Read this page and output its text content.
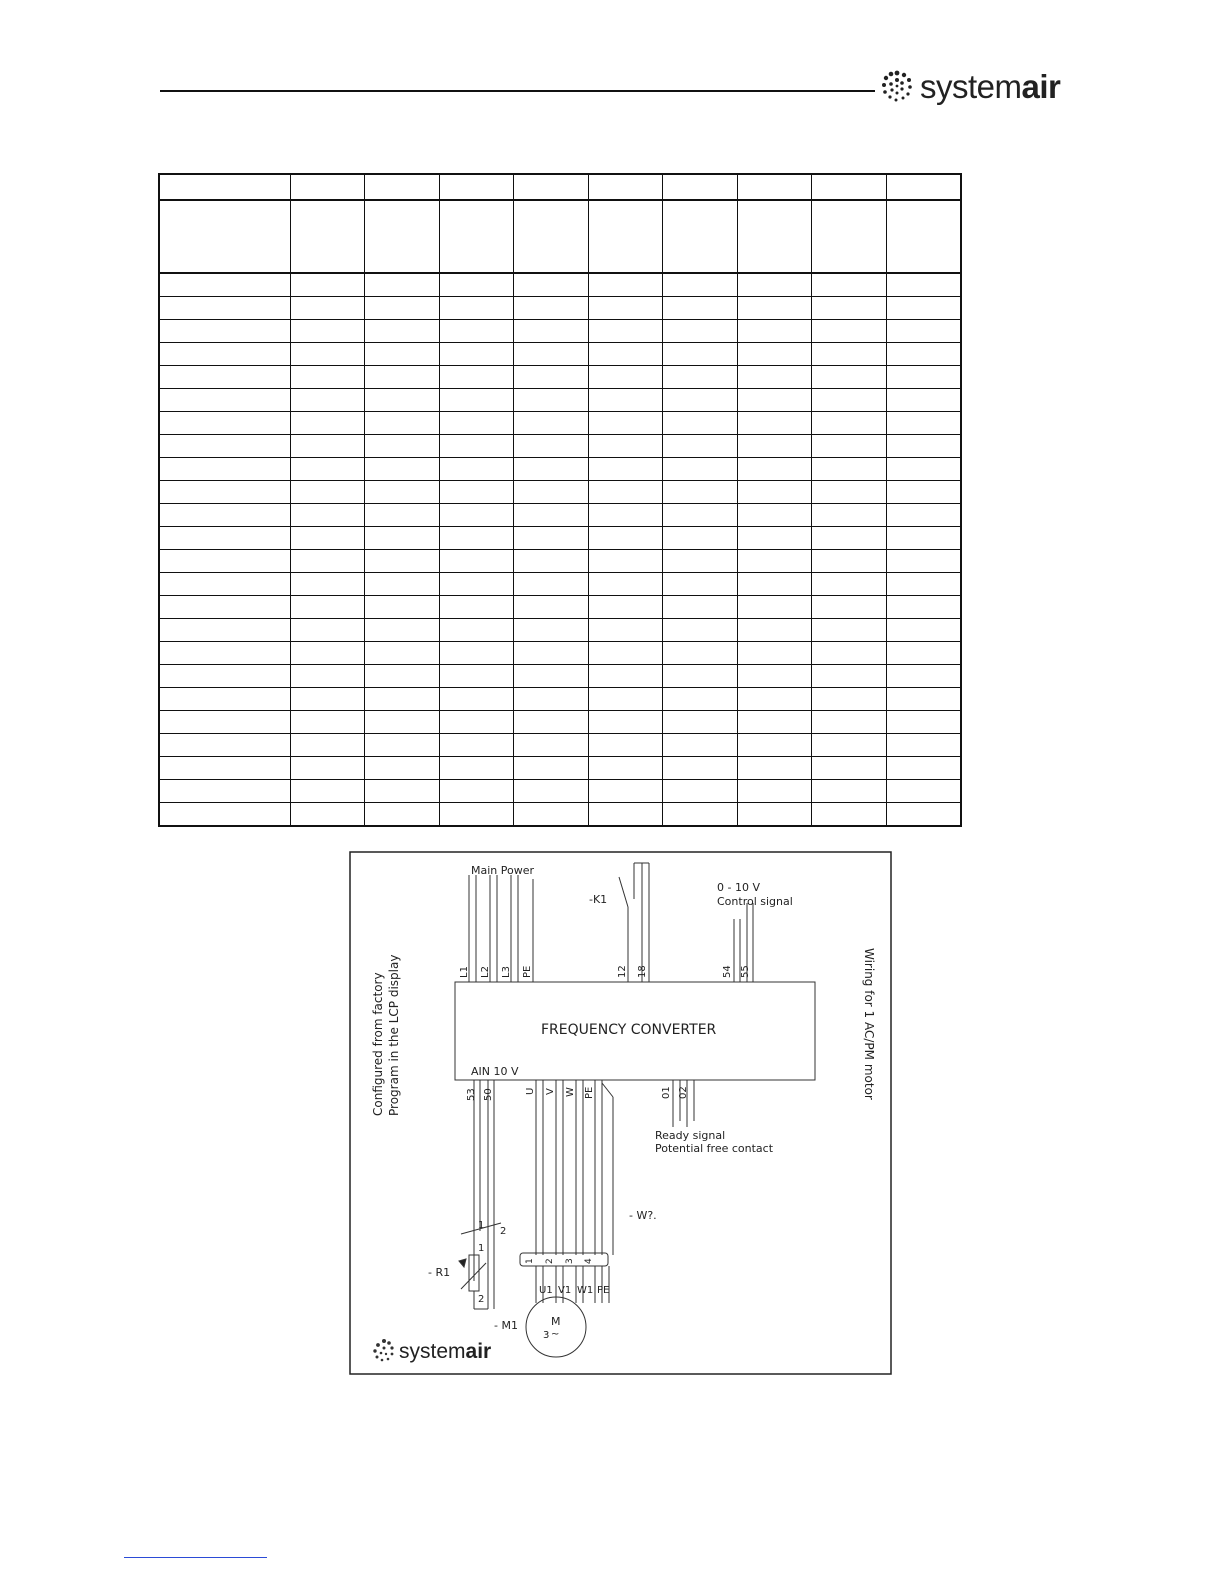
systemair

Main Power
-K1
0 - 10 V
Control signal
L1 L2 L3 PE	12 18	54 55
FREQUENCY CONVERTER
AIN 10 V
53 50	U V W PE	01 02
Ready signal
Potential free contact
Configured from factory Program in the LCP display	Wiring for 1 AC/PM motor
- W?.
- R1
1
2
1
2
1 2 3 4
U1 V1 W1 PE
- M1	M
3 ~
systemair
